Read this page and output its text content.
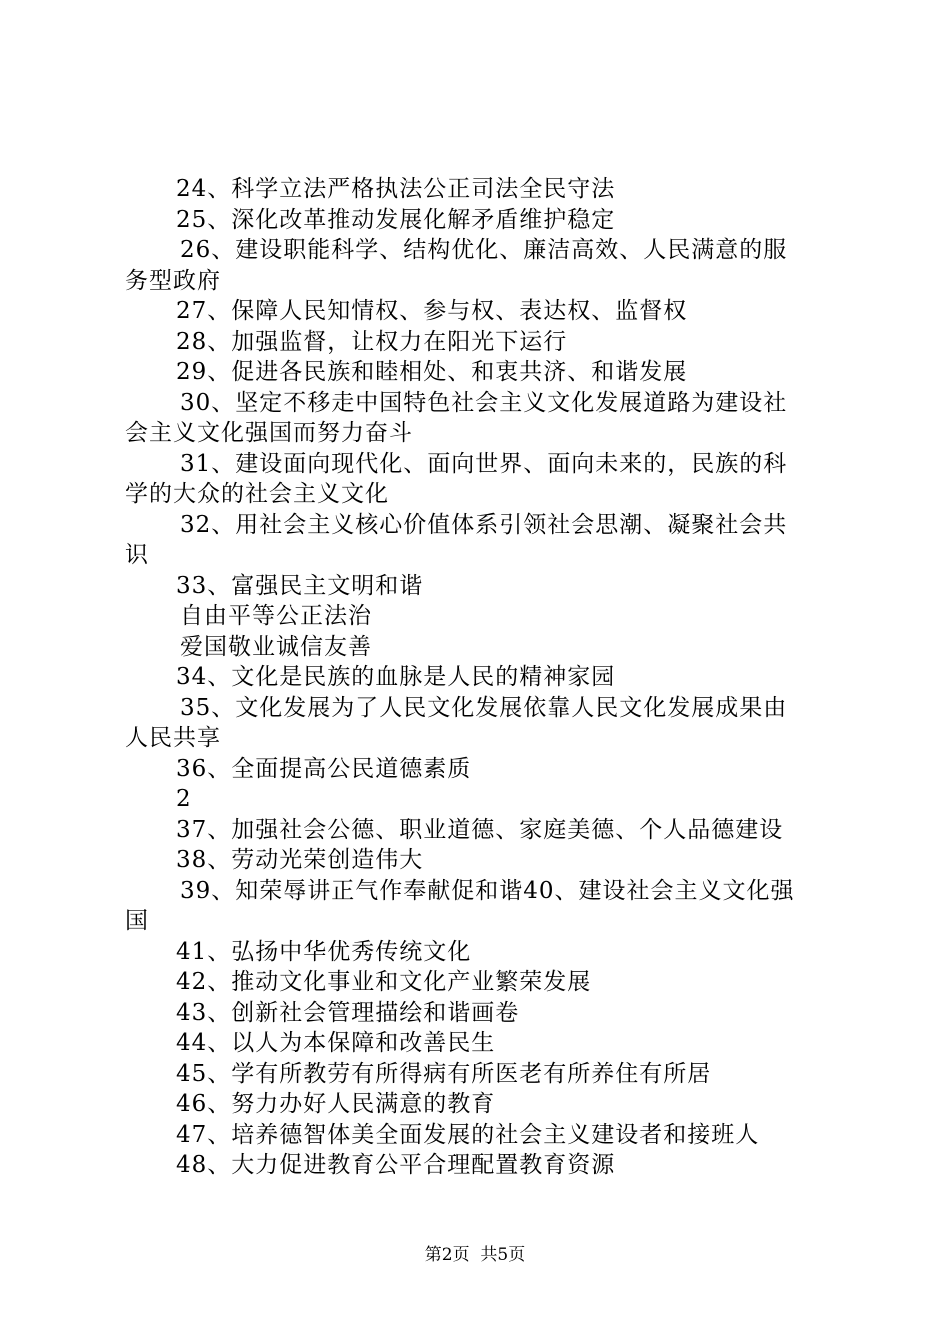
24、科学立法严格执法公正司法全民守法
25、深化改革推动发展化解矛盾维护稳定
26、建设职能科学、结构优化、廉洁高效、人民满意的服
务型政府
27、保障人民知情权、参与权、表达权、监督权
28、加强监督，让权力在阳光下运行
29、促进各民族和睦相处、和衷共济、和谐发展
30、坚定不移走中国特色社会主义文化发展道路为建设社
会主义文化强国而努力奋斗
31、建设面向现代化、面向世界、面向未来的，民族的科
学的大众的社会主义文化
32、用社会主义核心价值体系引领社会思潮、凝聚社会共
识
33、富强民主文明和谐
自由平等公正法治
爱国敬业诚信友善
34、文化是民族的血脉是人民的精神家园
35、文化发展为了人民文化发展依靠人民文化发展成果由
人民共享
36、全面提高公民道德素质
2
37、加强社会公德、职业道德、家庭美德、个人品德建设
38、劳动光荣创造伟大
39、知荣辱讲正气作奉献促和谐40、建设社会主义文化强
国
41、弘扬中华优秀传统文化
42、推动文化事业和文化产业繁荣发展
43、创新社会管理描绘和谐画卷
44、以人为本保障和改善民生
45、学有所教劳有所得病有所医老有所养住有所居
46、努力办好人民满意的教育
47、培养德智体美全面发展的社会主义建设者和接班人
48、大力促进教育公平合理配置教育资源
第2页  共5页
